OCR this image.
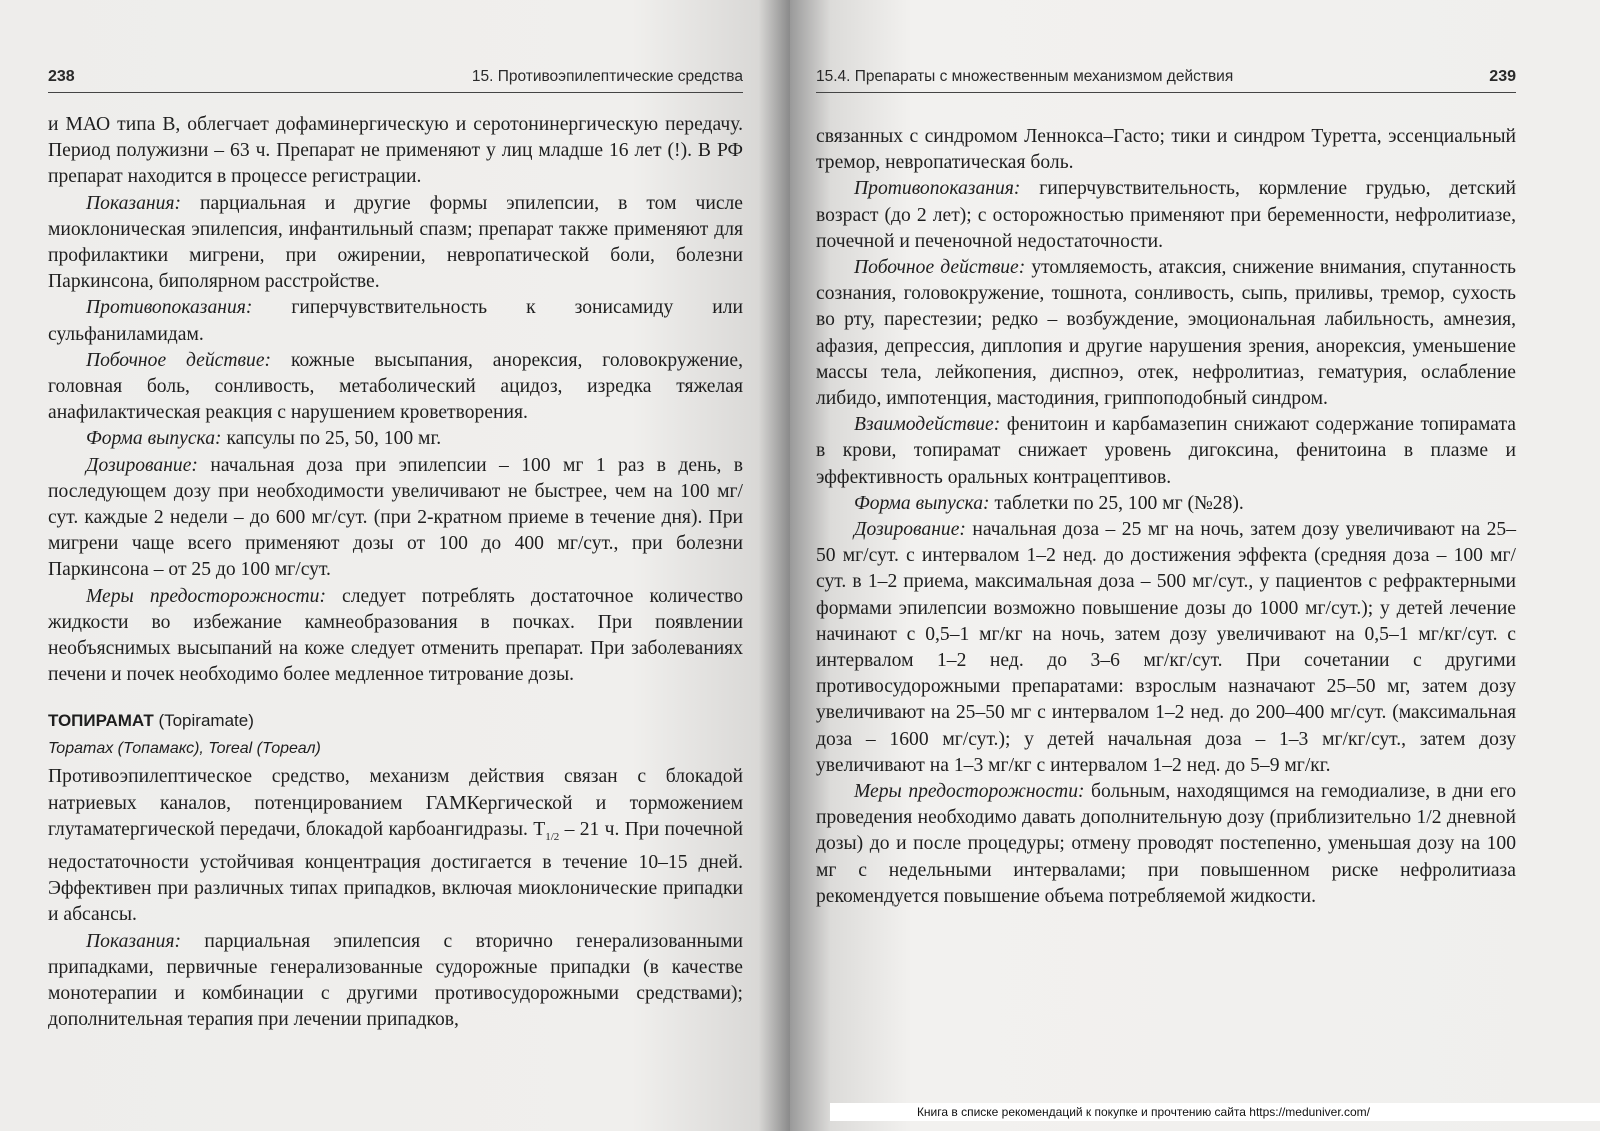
238	15. Противоэпилептические средства

и МАО типа В, облегчает дофаминергическую и серотонинергическую передачу. Период полужизни – 63 ч. Препарат не применяют у лиц младше 16 лет (!). В РФ препарат находится в процессе регистрации.

Показания: парциальная и другие формы эпилепсии, в том числе миоклоническая эпилепсия, инфантильный спазм; препарат также применяют для профилактики мигрени, при ожирении, невропатической боли, болезни Паркинсона, биполярном расстройстве.

Противопоказания: гиперчувствительность к зонисамиду или сульфаниламидам.

Побочное действие: кожные высыпания, анорексия, головокружение, головная боль, сонливость, метаболический ацидоз, изредка тяжелая анафилактическая реакция с нарушением кроветворения.

Форма выпуска: капсулы по 25, 50, 100 мг.

Дозирование: начальная доза при эпилепсии – 100 мг 1 раз в день, в последующем дозу при необходимости увеличивают не быстрее, чем на 100 мг/сут. каждые 2 недели – до 600 мг/сут. (при 2-кратном приеме в течение дня). При мигрени чаще всего применяют дозы от 100 до 400 мг/сут., при болезни Паркинсона – от 25 до 100 мг/сут.

Меры предосторожности: следует потреблять достаточное количество жидкости во избежание камнеобразования в почках. При появлении необъяснимых высыпаний на коже следует отменить препарат. При заболеваниях печени и почек необходимо более медленное титрование дозы.

ТОПИРАМАТ (Topiramate)
Topamax (Топамакс), Toreal (Тореал)

Противоэпилептическое средство, механизм действия связан с блокадой натриевых каналов, потенцированием ГАМКергической и торможением глутаматергической передачи, блокадой карбоангидразы. $Т_{1/2} - 21$ ч. При почечной недостаточности устойчивая концентрация достигается в течение 10–15 дней. Эффективен при различных типах припадков, включая миоклонические припадки и абсансы.

Показания: парциальная эпилепсия с вторично генерализованными припадками, первичные генерализованные судорожные припадки (в качестве монотерапии и комбинации с другими противосудорожными средствами); дополнительная терапия при лечении припадков,

15.4. Препараты с множественным механизмом действия	239

связанных с синдромом Леннокса–Гасто; тики и синдром Туретта, эссенциальный тремор, невропатическая боль.

Противопоказания: гиперчувствительность, кормление грудью, детский возраст (до 2 лет); с осторожностью применяют при беременности, нефролитиазе, почечной и печеночной недостаточности.

Побочное действие: утомляемость, атаксия, снижение внимания, спутанность сознания, головокружение, тошнота, сонливость, сыпь, приливы, тремор, сухость во рту, парестезии; редко – возбуждение, эмоциональная лабильность, амнезия, афазия, депрессия, диплопия и другие нарушения зрения, анорексия, уменьшение массы тела, лейкопения, диспноэ, отек, нефролитиаз, гематурия, ослабление либидо, импотенция, мастодиния, гриппоподобный синдром.

Взаимодействие: фенитоин и карбамазепин снижают содержание топирамата в крови, топирамат снижает уровень дигоксина, фенитоина в плазме и эффективность оральных контрацептивов.

Форма выпуска: таблетки по 25, 100 мг (№28).

Дозирование: начальная доза – 25 мг на ночь, затем дозу увеличивают на 25–50 мг/сут. с интервалом 1–2 нед. до достижения эффекта (средняя доза – 100 мг/сут. в 1–2 приема, максимальная доза – 500 мг/сут., у пациентов с рефрактерными формами эпилепсии возможно повышение дозы до 1000 мг/сут.); у детей лечение начинают с 0,5–1 мг/кг на ночь, затем дозу увеличивают на 0,5–1 мг/кг/сут. с интервалом 1–2 нед. до 3–6 мг/кг/сут. При сочетании с другими противосудорожными препаратами: взрослым назначают 25–50 мг, затем дозу увеличивают на 25–50 мг с интервалом 1–2 нед. до 200–400 мг/сут. (максимальная доза – 1600 мг/сут.); у детей начальная доза – 1–3 мг/кг/сут., затем дозу увеличивают на 1–3 мг/кг с интервалом 1–2 нед. до 5–9 мг/кг.

Меры предосторожности: больным, находящимся на гемодиализе, в дни его проведения необходимо давать дополнительную дозу (приблизительно 1/2 дневной дозы) до и после процедуры; отмену проводят постепенно, уменьшая дозу на 100 мг с недельными интервалами; при повышенном риске нефролитиаза рекомендуется повышение объема потребляемой жидкости.

Книга в списке рекомендаций к покупке и прочтению сайта https://meduniver.com/
